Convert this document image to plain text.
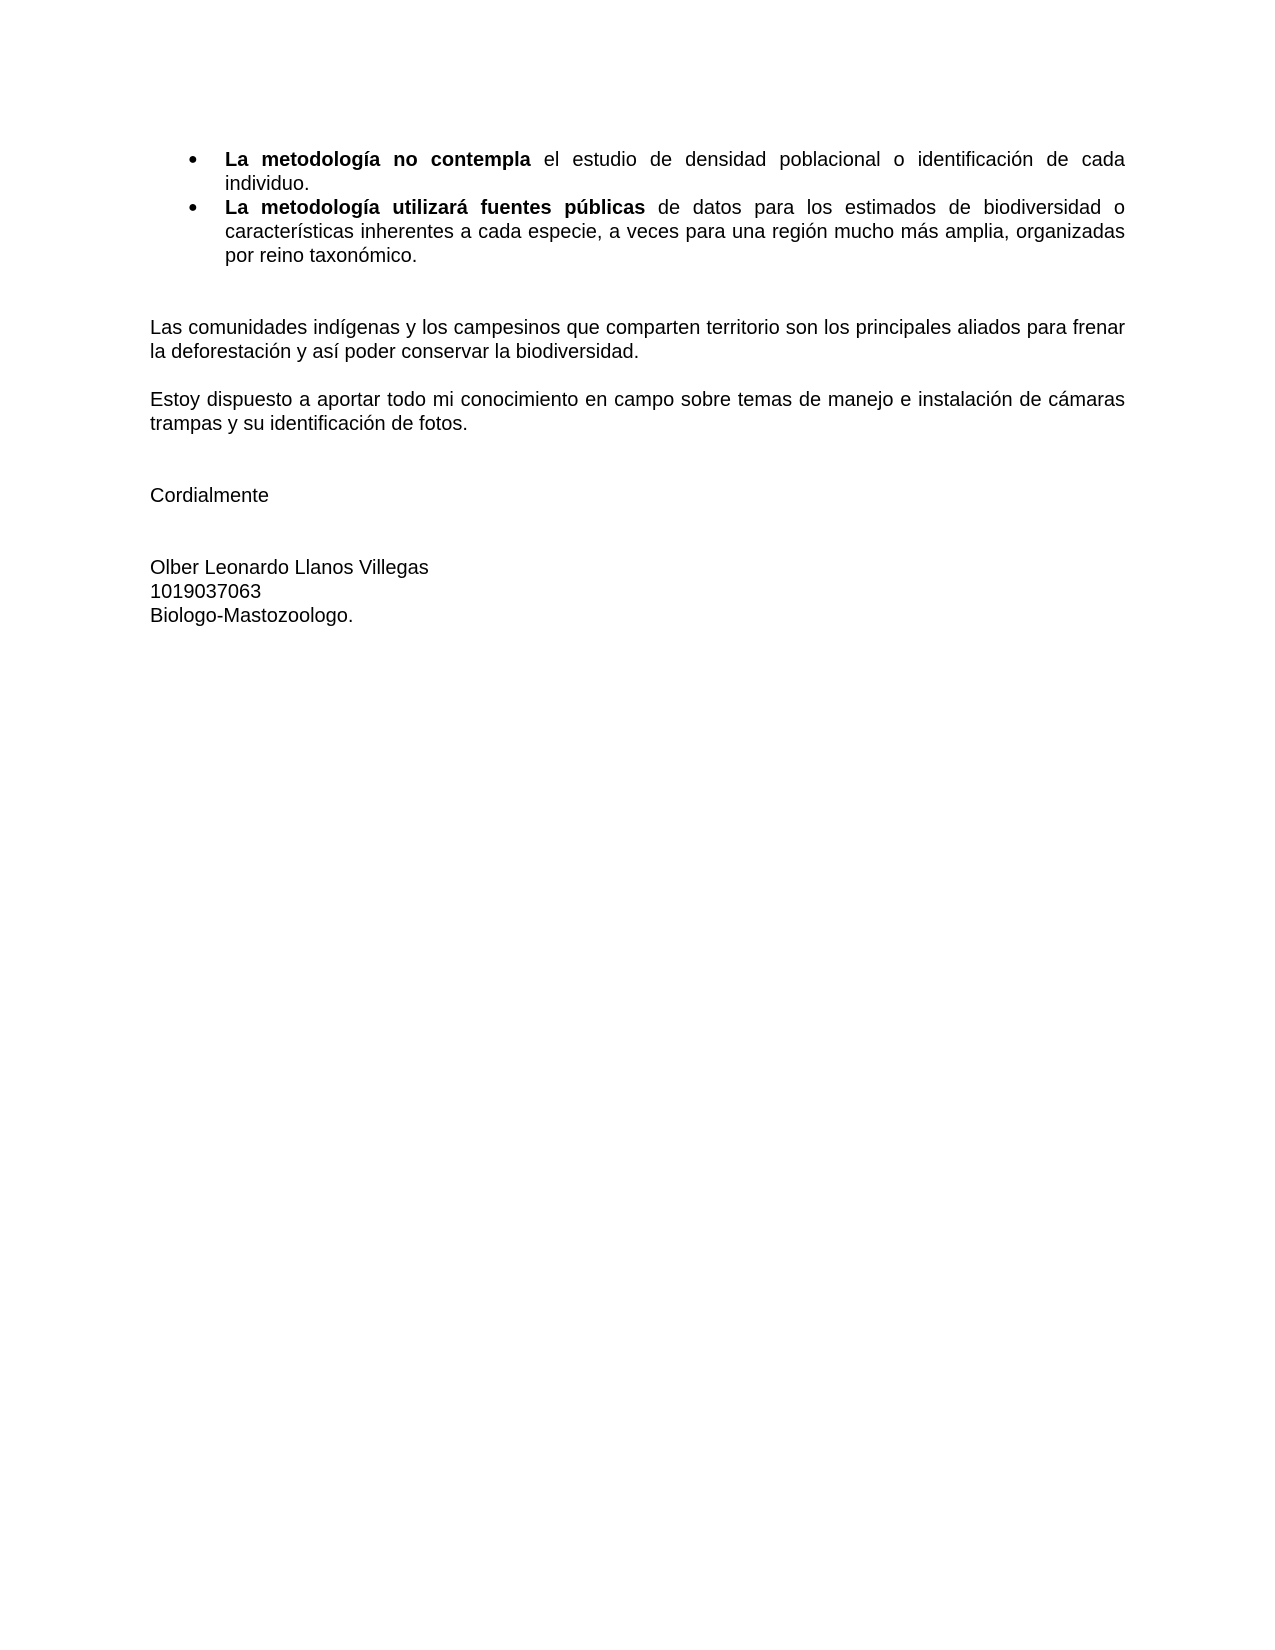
● La metodología no contempla el estudio de densidad poblacional o identificación de cada individuo.
● La metodología utilizará fuentes públicas de datos para los estimados de biodiversidad o características inherentes a cada especie, a veces para una región mucho más amplia, organizadas por reino taxonómico.

Las comunidades indígenas y los campesinos que comparten territorio son los principales aliados para frenar la deforestación y así poder conservar la biodiversidad.

Estoy dispuesto a aportar todo mi conocimiento en campo sobre temas de manejo e instalación de cámaras trampas y su identificación de fotos.

Cordialmente

Olber Leonardo Llanos Villegas
1019037063
Biologo-Mastozoologo.
